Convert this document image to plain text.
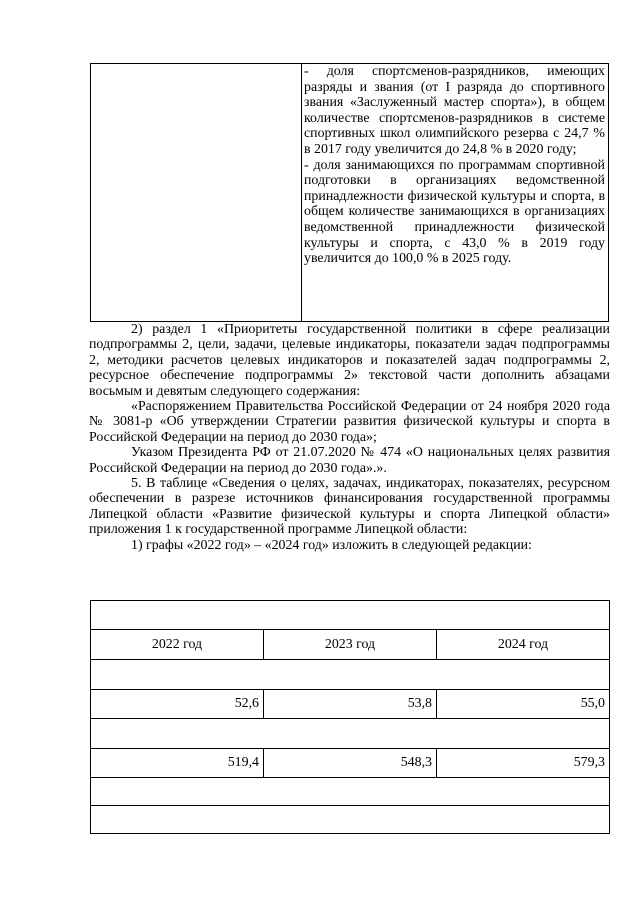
- доля спортсменов-разрядников, имеющих разряды и звания (от I разряда до спортивного звания «Заслуженный мастер спорта»), в общем количестве спортсменов-разрядников в системе спортивных школ олимпийского резерва с 24,7 % в 2017 году увеличится до 24,8 % в 2020 году;

- доля занимающихся по программам спортивной подготовки в организациях ведомственной принадлежности физической культуры и спорта, в общем количестве занимающихся в организациях ведомственной принадлежности физической культуры и спорта, с 43,0 % в 2019 году увеличится до 100,0 % в 2025 году.

2) раздел 1 «Приоритеты государственной политики в сфере реализации подпрограммы 2, цели, задачи, целевые индикаторы, показатели задач подпрограммы 2, методики расчетов целевых индикаторов и показателей задач подпрограммы 2, ресурсное обеспечение подпрограммы 2» текстовой части дополнить абзацами восьмым и девятым следующего содержания:

«Распоряжением Правительства Российской Федерации от 24 ноября 2020 года № 3081-р «Об утверждении Стратегии развития физической культуры и спорта в Российской Федерации на период до 2030 года»;

Указом Президента РФ от 21.07.2020 № 474 «О национальных целях развития Российской Федерации на период до 2030 года».».

5. В таблице «Сведения о целях, задачах, индикаторах, показателях, ресурсном обеспечении в разрезе источников финансирования государственной программы Липецкой области «Развитие физической культуры и спорта Липецкой области» приложения 1 к государственной программе Липецкой области:

1) графы «2022 год» – «2024 год» изложить в следующей редакции:

2022 год	2023 год	2024 год

52,6	53,8	55,0

519,4	548,3	579,3
